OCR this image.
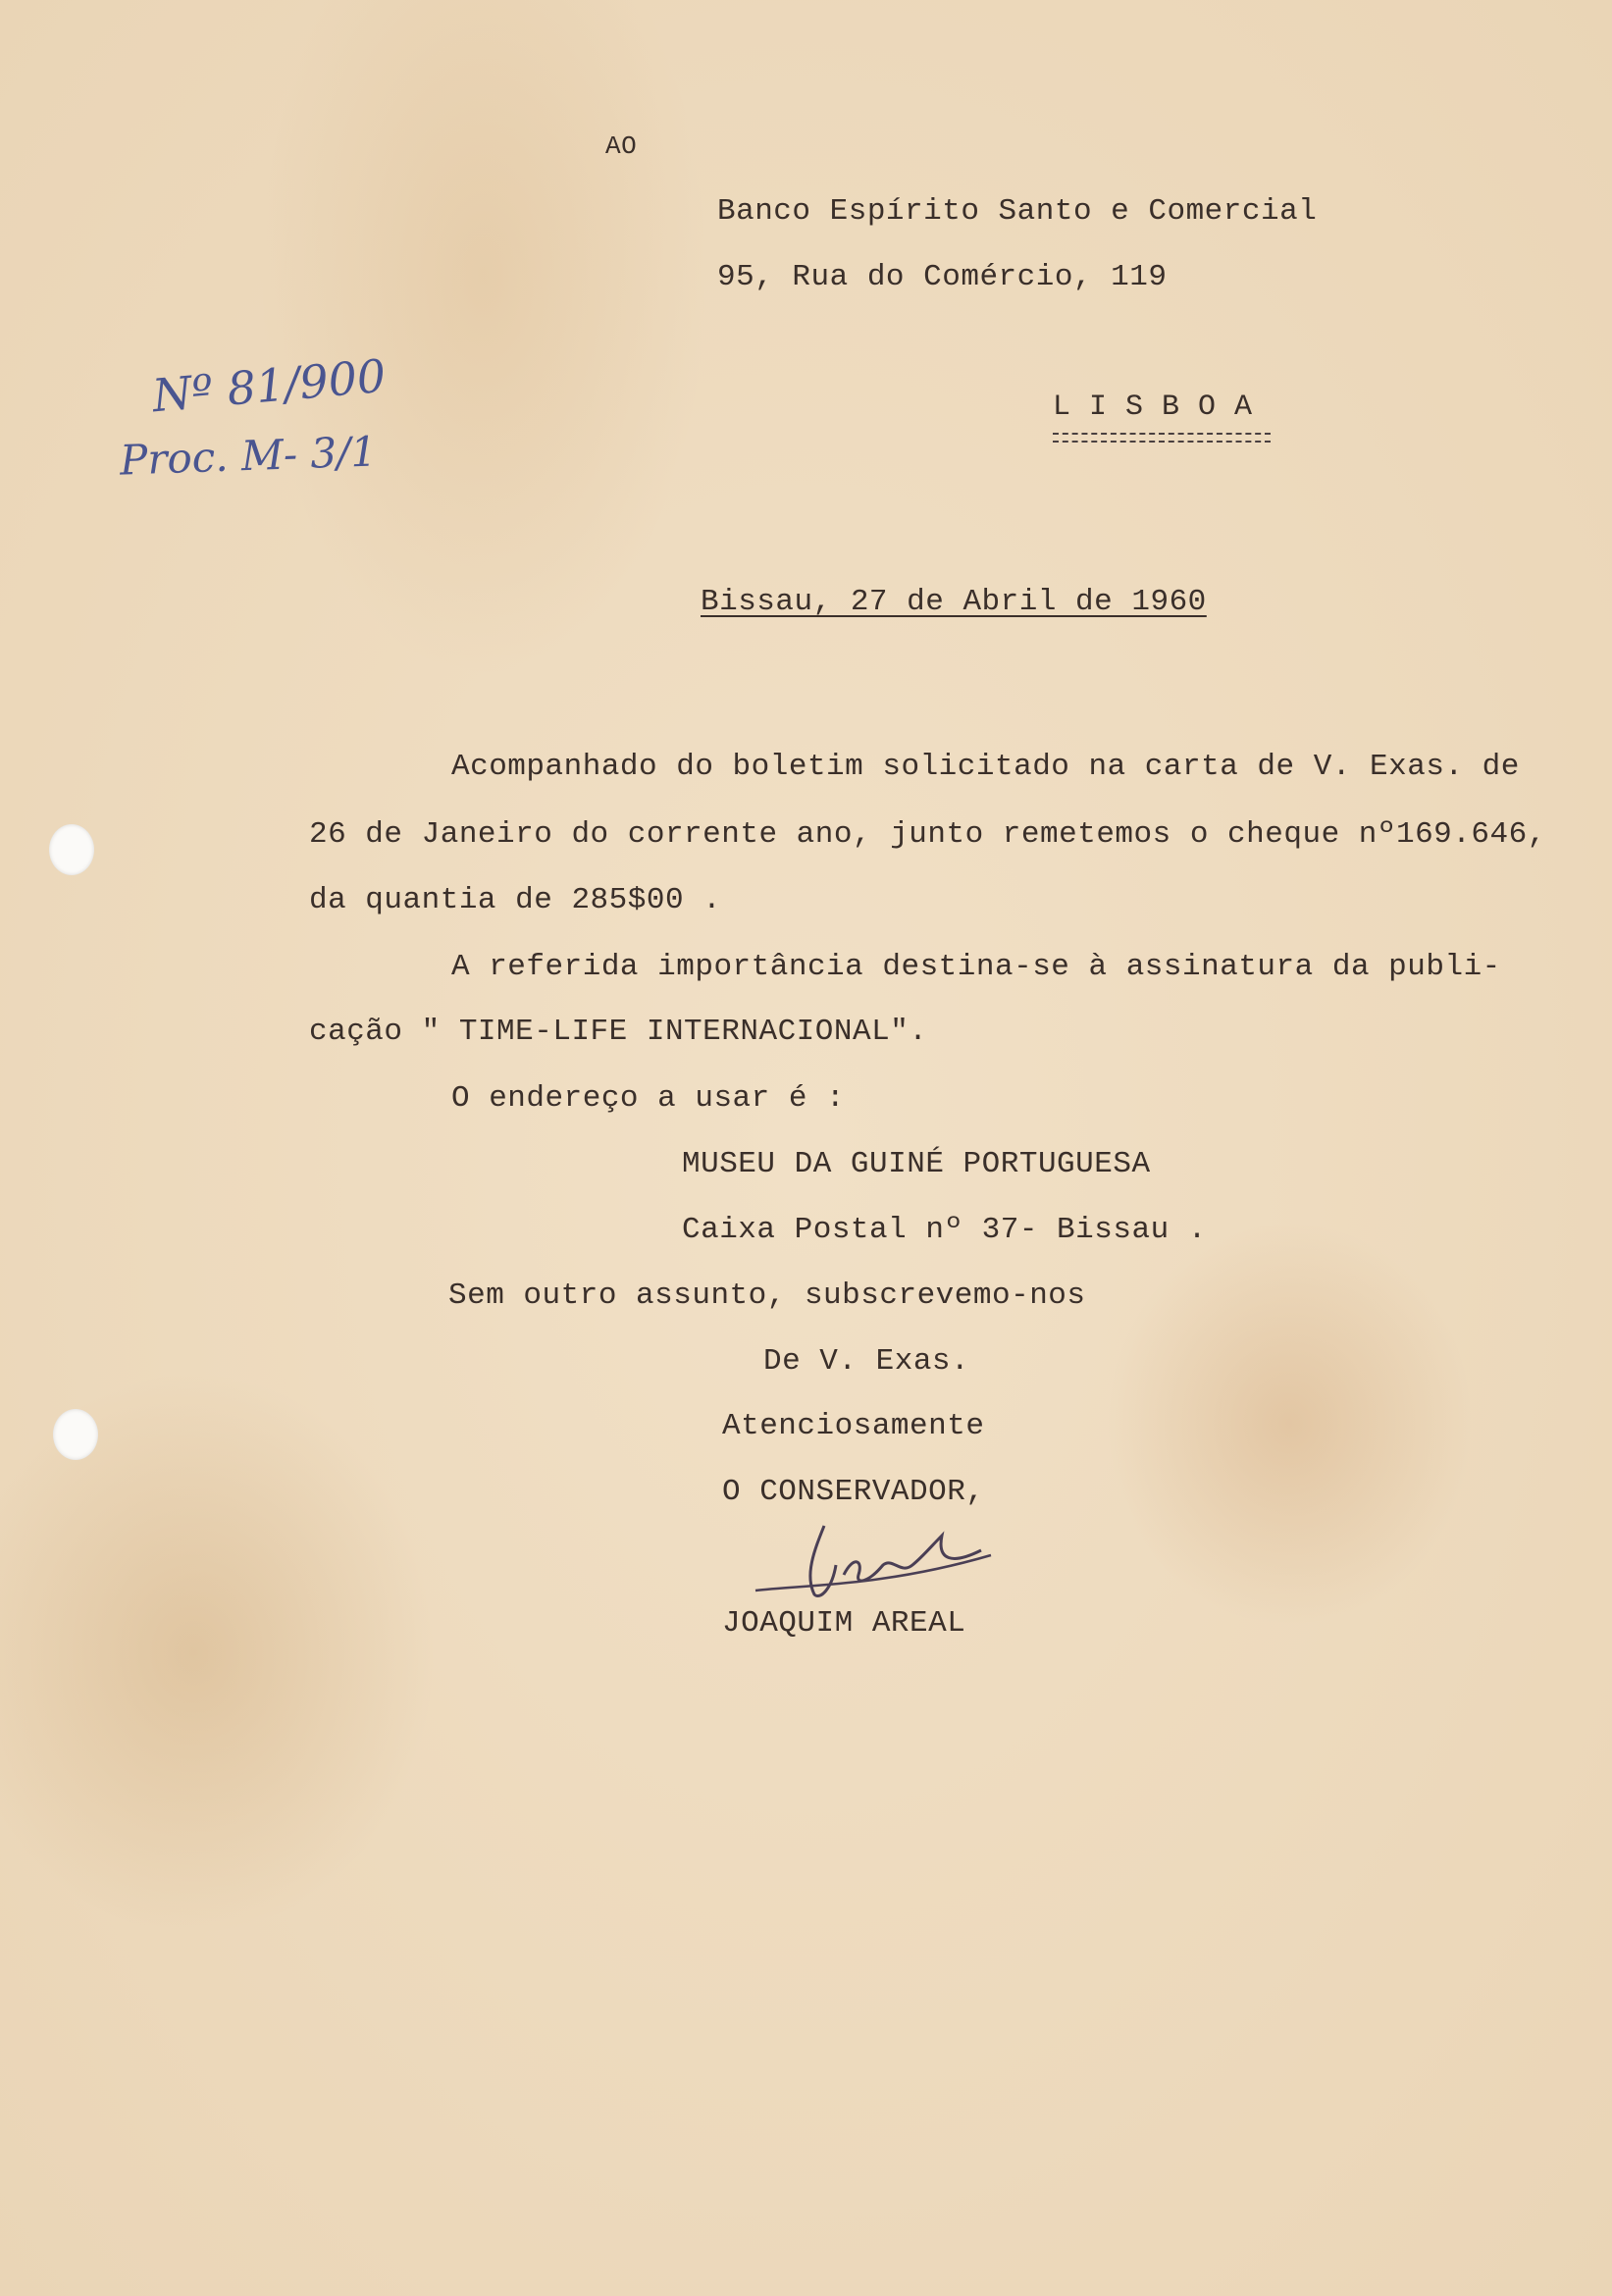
AO
Banco Espírito Santo e Comercial
95, Rua do Comércio, 119
L I S B O A
Nº 81/900
Proc. M- 3/1
Bissau, 27 de Abril de 1960
Acompanhado do boletim solicitado na carta de V. Exas. de
26 de Janeiro do corrente ano, junto remetemos o cheque nº169.646,
da quantia de 285$00 .
A referida importância destina-se à assinatura da publi-
cação " TIME-LIFE INTERNACIONAL".
O endereço a usar é :
MUSEU DA GUINÉ PORTUGUESA
Caixa Postal nº 37- Bissau .
Sem outro assunto, subscrevemo-nos
De V. Exas.
Atenciosamente
O CONSERVADOR,
JOAQUIM AREAL
